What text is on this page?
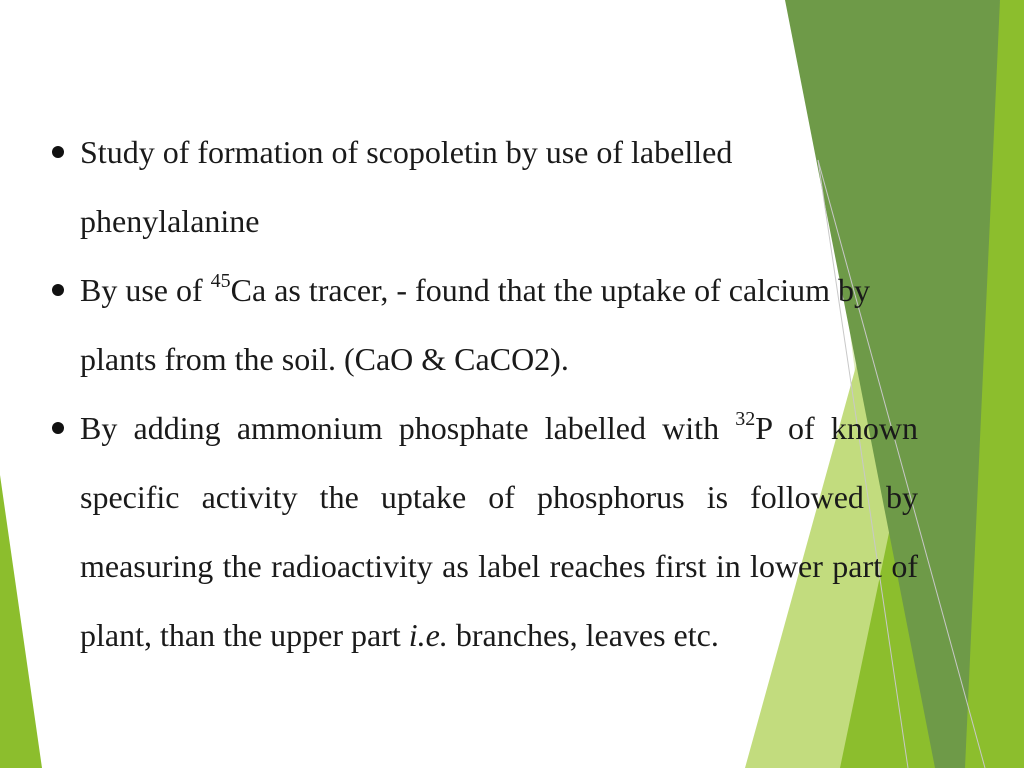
Study of formation of scopoletin by use of labelled phenylalanine

By use of $^{45}$Ca as tracer, - found that the uptake of calcium by plants from the soil. (CaO & CaCO2).

By adding ammonium phosphate labelled with $^{32}$P of known specific activity the uptake of phosphorus is followed by measuring the radioactivity as label reaches first in lower part of plant, than the upper part i.e. branches, leaves etc.
